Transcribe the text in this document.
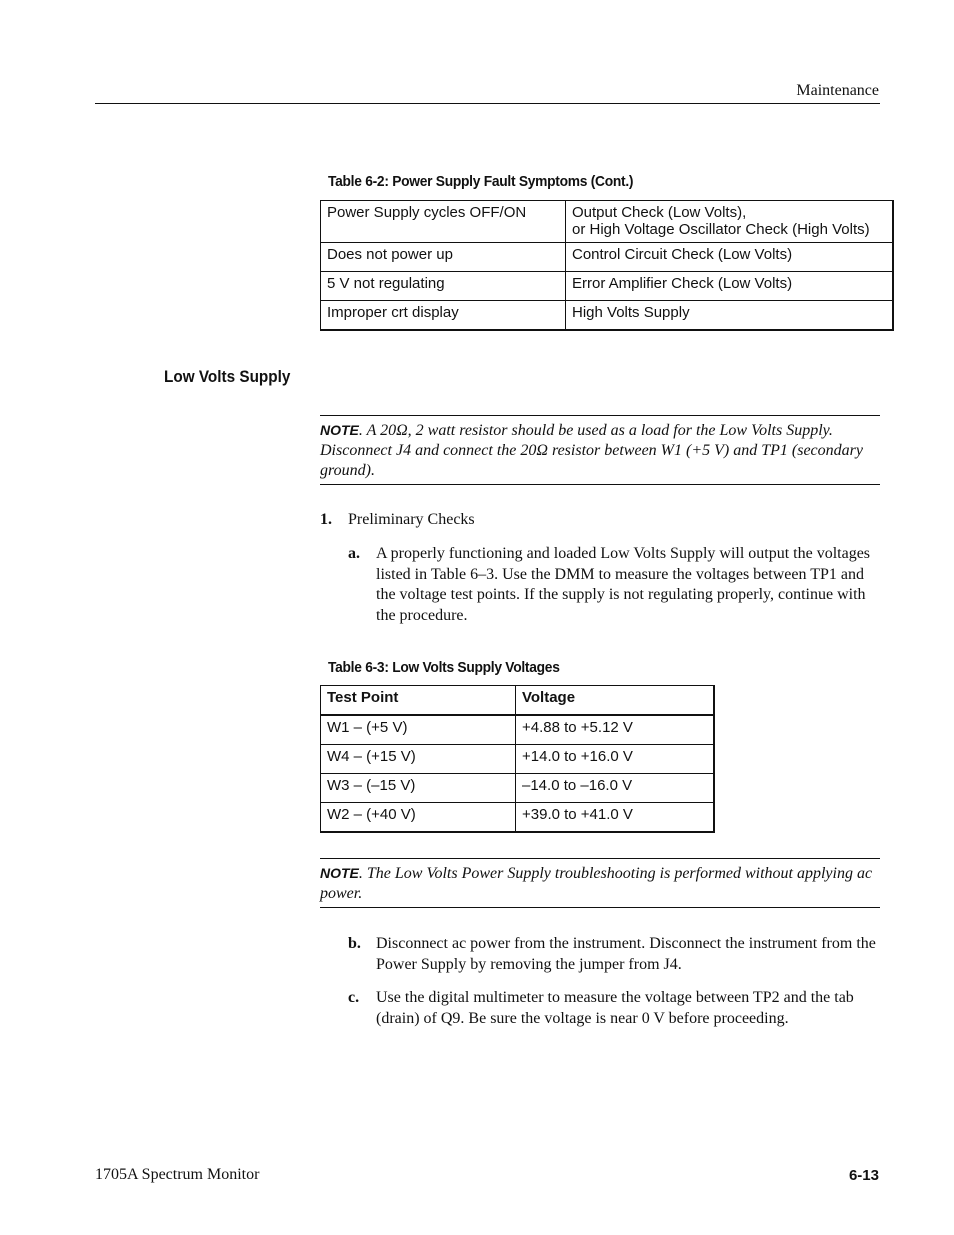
Maintenance
Table 6-2: Power Supply Fault Symptoms (Cont.)
Power Supply cycles OFF/ON	Output Check (Low Volts),
or High Voltage Oscillator Check (High Volts)

Does not power up	Control Circuit Check (Low Volts)
5 V not regulating	Error Amplifier Check (Low Volts)
Improper crt display	High Volts Supply
Low Volts Supply
NOTE. A 20Ω, 2 watt resistor should be used as a load for the Low Volts Supply. Disconnect J4 and connect the 20Ω resistor between W1 (+5 V) and TP1 (secondary ground).
1. Preliminary Checks
a. A properly functioning and loaded Low Volts Supply will output the voltages listed in Table 6–3. Use the DMM to measure the voltages between TP1 and the voltage test points. If the supply is not regulating properly, continue with the procedure.
Table 6-3: Low Volts Supply Voltages
Test Point	Voltage
W1 – (+5 V)	+4.88 to +5.12 V
W4 – (+15 V)	+14.0 to +16.0 V
W3 – (–15 V)	–14.0 to –16.0 V
W2 – (+40 V)	+39.0 to +41.0 V
NOTE. The Low Volts Power Supply troubleshooting is performed without applying ac power.
b. Disconnect ac power from the instrument. Disconnect the instrument from the Power Supply by removing the jumper from J4.
c. Use the digital multimeter to measure the voltage between TP2 and the tab (drain) of Q9. Be sure the voltage is near 0 V before proceeding.
1705A Spectrum Monitor	6-13
